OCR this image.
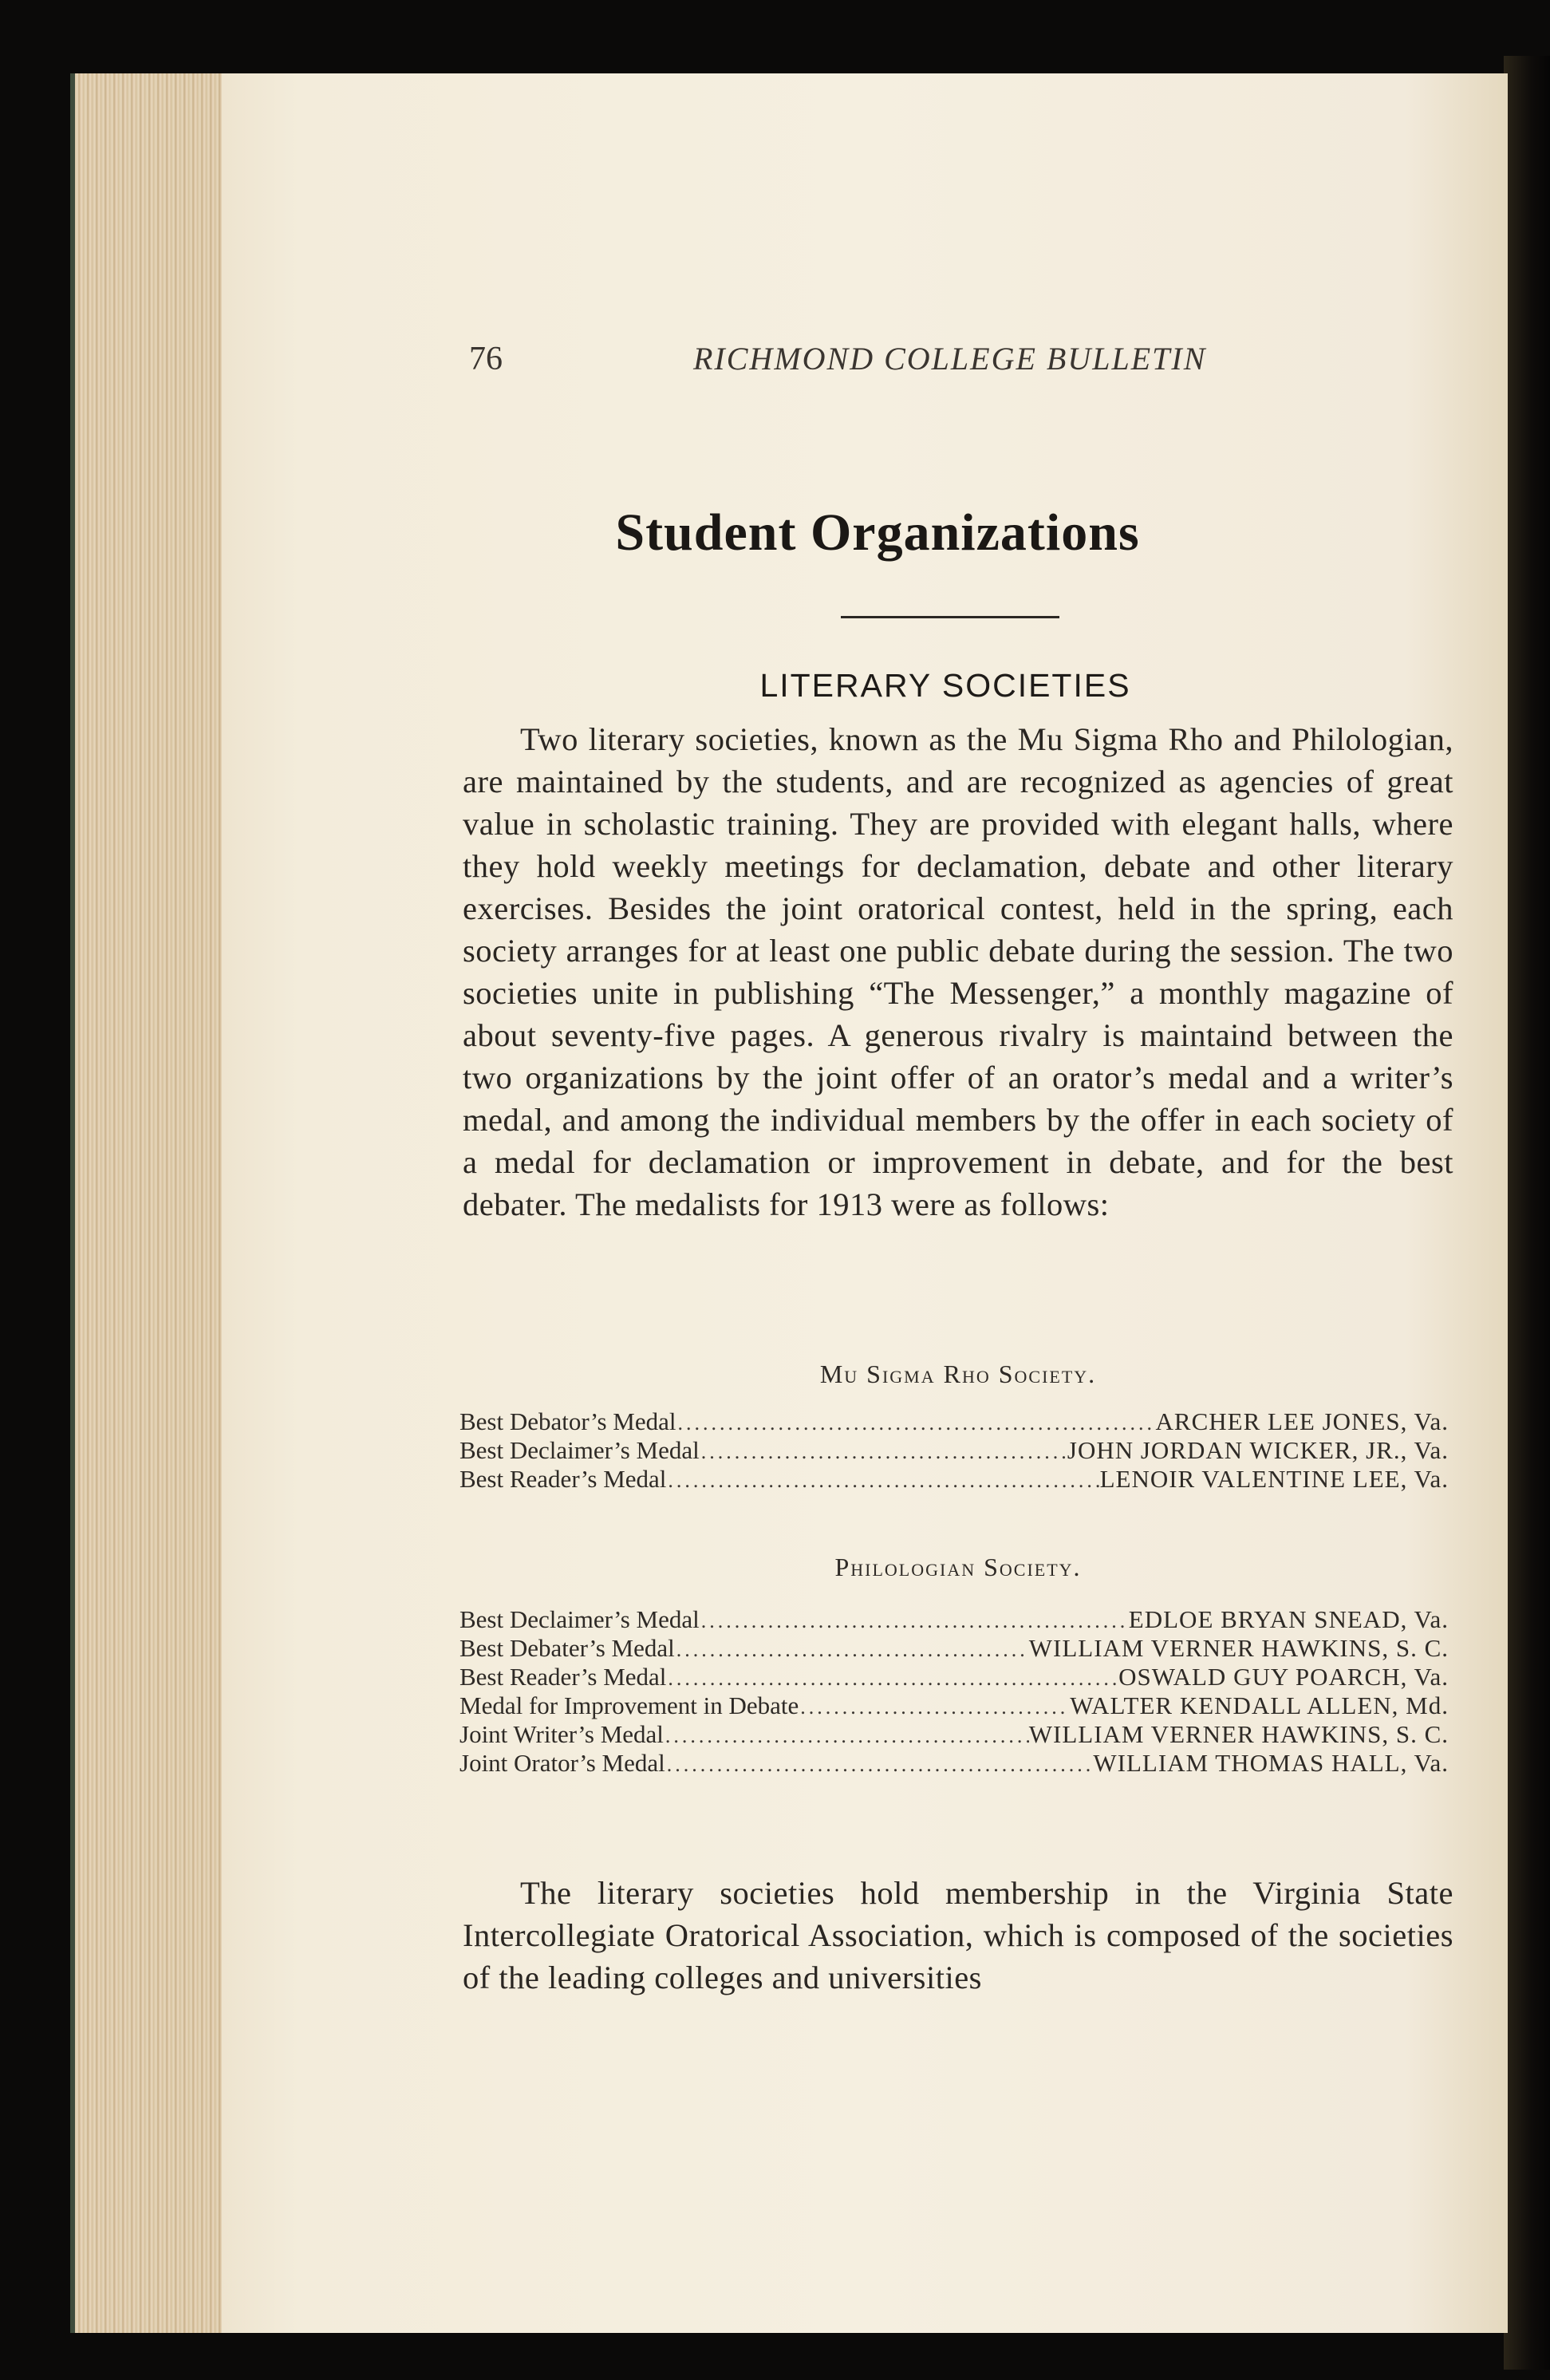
76	RICHMOND COLLEGE BULLETIN
Student Organizations
LITERARY SOCIETIES

Two literary societies, known as the Mu Sigma Rho and Philologian, are maintained by the students, and are recognized as agencies of great value in scholastic training. They are provided with elegant halls, where they hold weekly meetings for declamation, debate and other literary exercises. Besides the joint oratorical contest, held in the spring, each society arranges for at least one public debate during the session. The two societies unite in publishing “The Messenger,” a monthly magazine of about seventy-five pages. A generous rivalry is maintaind between the two organizations by the joint offer of an orator’s medal and a writer’s medal, and among the individual members by the offer in each society of a medal for declamation or improvement in debate, and for the best debater. The medalists for 1913 were as follows:

Mu Sigma Rho Society.
Best Debator’s Medal .....	ARCHER LEE JONES, Va.
Best Declaimer’s Medal .....	JOHN JORDAN WICKER, JR., Va.
Best Reader’s Medal .....	LENOIR VALENTINE LEE, Va.
Philologian Society.
Best Declaimer’s Medal .....	EDLOE BRYAN SNEAD, Va.
Best Debater’s Medal .....	WILLIAM VERNER HAWKINS, S. C.
Best Reader’s Medal .....	OSWALD GUY POARCH, Va.
Medal for Improvement in Debate .....	WALTER KENDALL ALLEN, Md.
Joint Writer’s Medal .....	WILLIAM VERNER HAWKINS, S. C.
Joint Orator’s Medal .....	WILLIAM THOMAS HALL, Va.

The literary societies hold membership in the Virginia State Intercollegiate Oratorical Association, which is composed of the societies of the leading colleges and universities
